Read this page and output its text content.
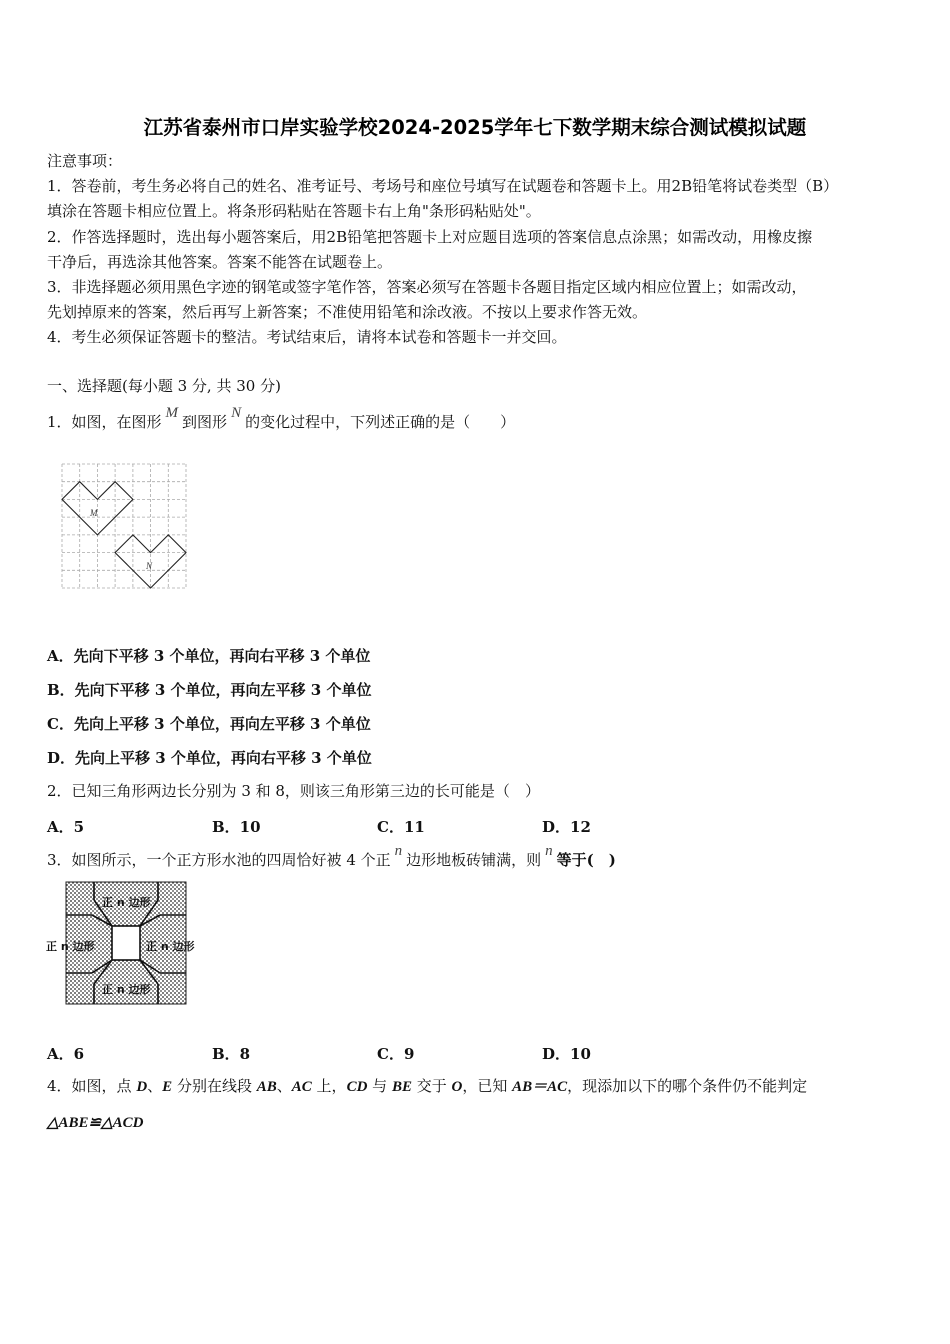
江苏省泰州市口岸实验学校2024-2025学年七下数学期末综合测试模拟试题
注意事项：
1．答卷前，考生务必将自己的姓名、准考证号、考场号和座位号填写在试题卷和答题卡上。用2B铅笔将试卷类型（B）
填涂在答题卡相应位置上。将条形码粘贴在答题卡右上角"条形码粘贴处"。
2．作答选择题时，选出每小题答案后，用2B铅笔把答题卡上对应题目选项的答案信息点涂黑；如需改动，用橡皮擦
干净后，再选涂其他答案。答案不能答在试题卷上。
3．非选择题必须用黑色字迹的钢笔或签字笔作答，答案必须写在答题卡各题目指定区域内相应位置上；如需改动，
先划掉原来的答案，然后再写上新答案；不准使用铅笔和涂改液。不按以上要求作答无效。
4．考生必须保证答题卡的整洁。考试结束后，请将本试卷和答题卡一并交回。
一、选择题(每小题 3 分, 共 30 分)
1．如图，在图形 M 到图形 N 的变化过程中，下列述正确的是（　　）
M
N
A．先向下平移 3 个单位，再向右平移 3 个单位
B．先向下平移 3 个单位，再向左平移 3 个单位
C．先向上平移 3 个单位，再向左平移 3 个单位
D．先向上平移 3 个单位，再向右平移 3 个单位
2．已知三角形两边长分别为 3 和 8，则该三角形第三边的长可能是（　）
A．5	B．10	C．11	D．12
3．如图所示，一个正方形水池的四周恰好被 4 个正 n 边形地板砖铺满，则 n 等于(　)
正 n 边形
正 n 边形	正 n 边形
正 n 边形
A．6	B．8	C．9	D．10
4．如图，点 D、E 分别在线段 AB、AC 上，CD 与 BE 交于 O，已知 AB＝AC，现添加以下的哪个条件仍不能判定
△ABE≌△ACD
